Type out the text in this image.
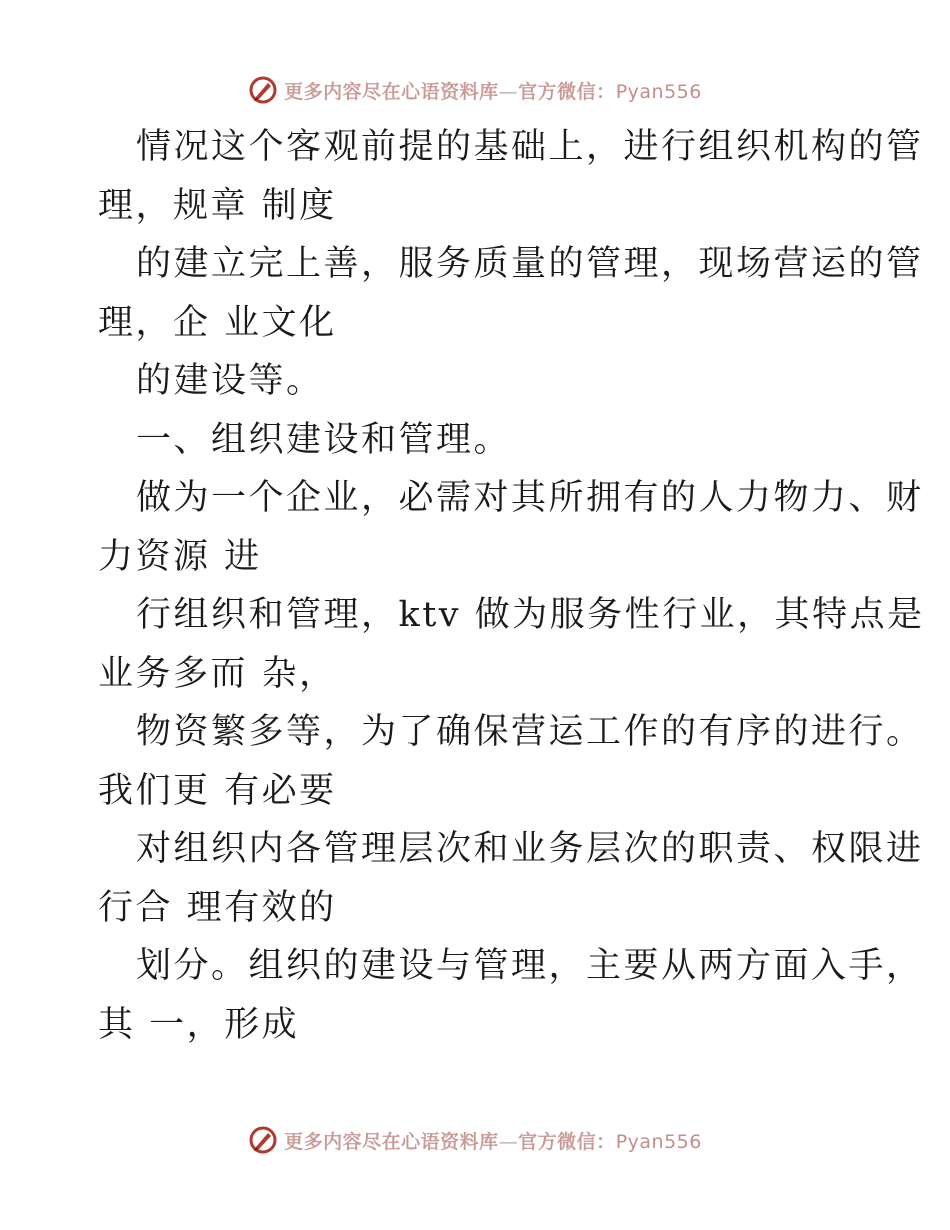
更多内容尽在心语资料库—官方微信：Pyan556

情况这个客观前提的基础上，进行组织机构的管
理，规章 制度

的建立完上善，服务质量的管理，现场营运的管
理，企 业文化

的建设等。

一、组织建设和管理。

做为一个企业，必需对其所拥有的人力物力、财
力资源 进

行组织和管理，ktv 做为服务性行业，其特点是
业务多而 杂，

物资繁多等，为了确保营运工作的有序的进行。
我们更 有必要

对组织内各管理层次和业务层次的职责、权限进
行合 理有效的

划分。组织的建设与管理，主要从两方面入手，
其 一，形成

更多内容尽在心语资料库—官方微信：Pyan556
